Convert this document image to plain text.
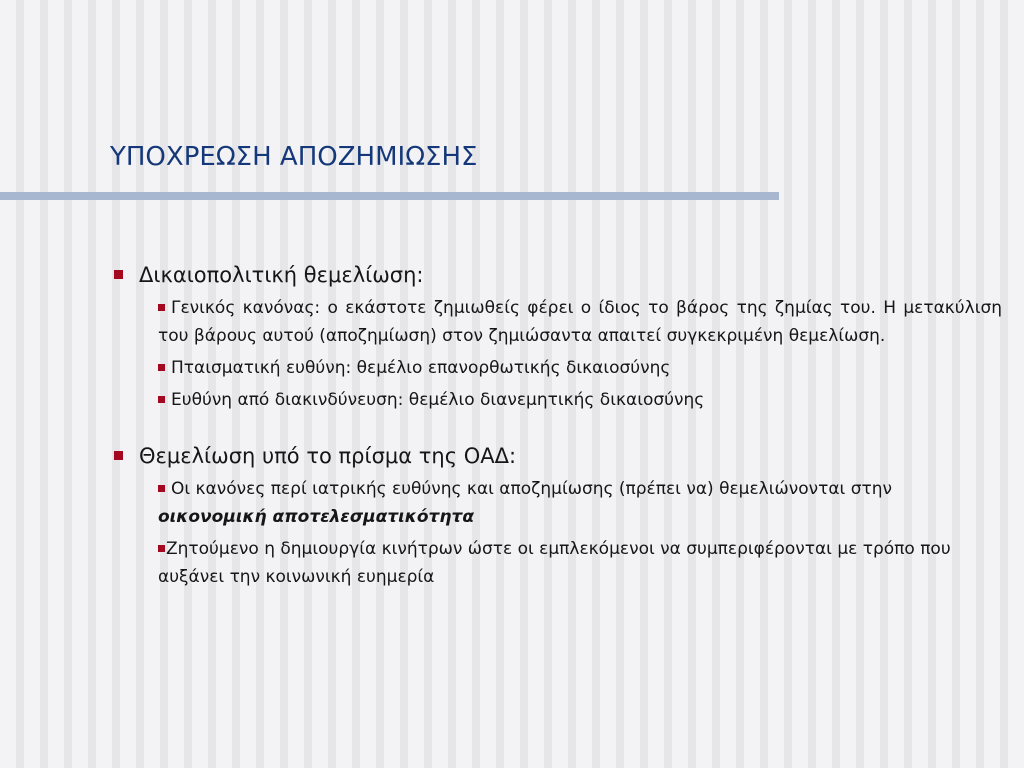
ΥΠΟΧΡΕΩΣΗ ΑΠΟΖΗΜΙΩΣΗΣ
Δικαιοπολιτική θεμελίωση:
Γενικός κανόνας: ο εκάστοτε ζημιωθείς φέρει ο ίδιος το βάρος της ζημίας του. Η μετακύλιση του βάρους αυτού (αποζημίωση) στον ζημιώσαντα απαιτεί συγκεκριμένη θεμελίωση.
Πταισματική ευθύνη: θεμέλιο επανορθωτικής δικαιοσύνης
Ευθύνη από διακινδύνευση: θεμέλιο διανεμητικής δικαιοσύνης
Θεμελίωση υπό το πρίσμα της ΟΑΔ:
Οι κανόνες περί ιατρικής ευθύνης και αποζημίωσης (πρέπει να) θεμελιώνονται στην οικονομική αποτελεσματικότητα
Ζητούμενο η δημιουργία κινήτρων ώστε οι εμπλεκόμενοι να συμπεριφέρονται με τρόπο που αυξάνει την κοινωνική ευημερία
